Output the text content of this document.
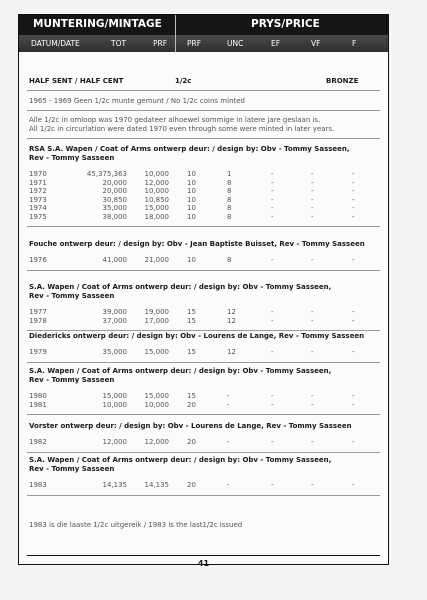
MUNTERING/MINTAGE	PRYS/PRICE
DATUM/DATE	TOT	PRF	PRF	UNC	EF	VF	F
HALF SENT / HALF CENT	1/2c	BRONZE
1965 - 1969 Geen 1/2c munte gemunt / No 1/2c coins minted
Alle 1/2c in omloop was 1970 gedateer alhoewel sommige in latere jare geslaan is.
All 1/2c in circurlation were dated 1970 even through some were minted in later years.
RSA S.A. Wapen / Coat of Arms ontwerp deur: / design by: Obv - Tommy Sasseen,
Rev - Tommy Sasseen
1970	45,375,363	10,000	10	1	-	-	-
1971	20,000	12,000	10	8	-	-	-
1972	20,000	10,000	10	8	-	-	-
1973	30,850	10,850	10	8	-	-	-
1974	35,000	15,000	10	8	-	-	-
1975	38,000	18,000	10	8	-	-	-
Fouche ontwerp deur: / design by: Obv - Jean Baptiste Buisset, Rev - Tommy Sasseen
1976	41,000	21,000	10	8	-	-	-
S.A. Wapen / Coat of Arms ontwerp deur: / design by: Obv - Tommy Sasseen,
Rev - Tommy Sasseen
1977	39,000	19,000	15	12	-	-	-
1978	37,000	17,000	15	12	-	-	-
Diedericks ontwerp deur: / design by: Obv - Lourens de Lange, Rev - Tommy Sasseen
1979	35,000	15,000	15	12	-	-	-
S.A. Wapen / Coat of Arms ontwerp deur: / design by: Obv - Tommy Sasseen,
Rev - Tommy Sasseen
1980	15,000	15,000	15	-	-	-	-
1981	10,000	10,000	20	-	-	-	-
Vorster ontwerp deur: / design by: Obv - Lourens de Lange, Rev - Tommy Sasseen
1982	12,000	12,000	20	-	-	-	-
S.A. Wapen / Coat of Arms ontwerp deur: / design by: Obv - Tommy Sasseen,
Rev - Tommy Sasseen
1983	14,135	14,135	20	-	-	-	-
1983 is die laaste 1/2c uitgereik / 1983 is the last1/2c issued
41
